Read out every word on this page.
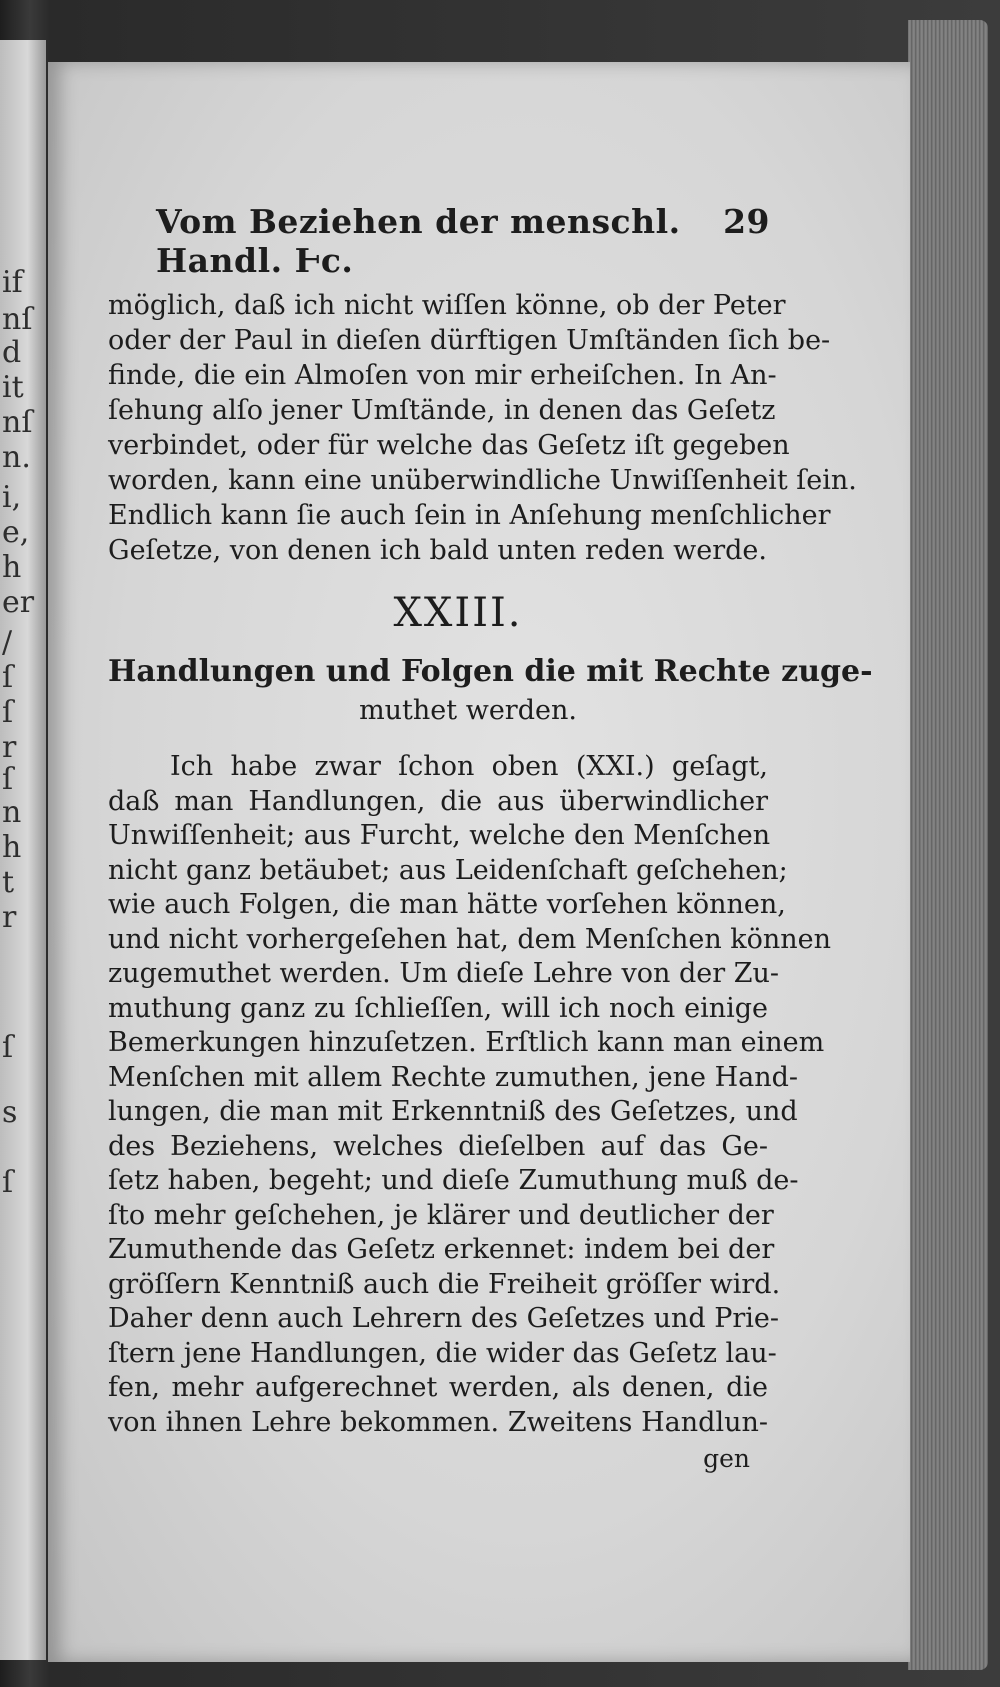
if
nſ
d
it
nſ
n.
i,
e,
h
er
/
ſ
ſ
r
ſ
n
h
t
r
ſ
s
ſ
Vom Beziehen der menschl. Handl. Ⱶc.
29
möglich, daß ich nicht wiſſen könne, ob der Peter
oder der Paul in dieſen dürftigen Umſtänden ſich be-
finde, die ein Almoſen von mir erheiſchen. In An-
ſehung alſo jener Umſtände, in denen das Geſetz
verbindet, oder für welche das Geſetz iſt gegeben
worden, kann eine unüberwindliche Unwiſſenheit ſein.
Endlich kann ſie auch ſein in Anſehung menſchlicher
Geſetze, von denen ich bald unten reden werde.
XXIII.
Handlungen und Folgen die mit Rechte zuge-
muthet werden.
Ich habe zwar ſchon oben (XXI.) geſagt,
daß man Handlungen, die aus überwindlicher
Unwiſſenheit; aus Furcht, welche den Menſchen
nicht ganz betäubet; aus Leidenſchaft geſchehen;
wie auch Folgen, die man hätte vorſehen können,
und nicht vorhergeſehen hat, dem Menſchen können
zugemuthet werden. Um dieſe Lehre von der Zu-
muthung ganz zu ſchlieſſen, will ich noch einige
Bemerkungen hinzuſetzen. Erſtlich kann man einem
Menſchen mit allem Rechte zumuthen, jene Hand-
lungen, die man mit Erkenntniß des Geſetzes, und
des Beziehens, welches dieſelben auf das Ge-
ſetz haben, begeht; und dieſe Zumuthung muß de-
ſto mehr geſchehen, je klärer und deutlicher der
Zumuthende das Geſetz erkennet: indem bei der
gröſſern Kenntniß auch die Freiheit gröſſer wird.
Daher denn auch Lehrern des Geſetzes und Prie-
ſtern jene Handlungen, die wider das Geſetz lau-
fen, mehr aufgerechnet werden, als denen, die
von ihnen Lehre bekommen. Zweitens Handlun-
gen
